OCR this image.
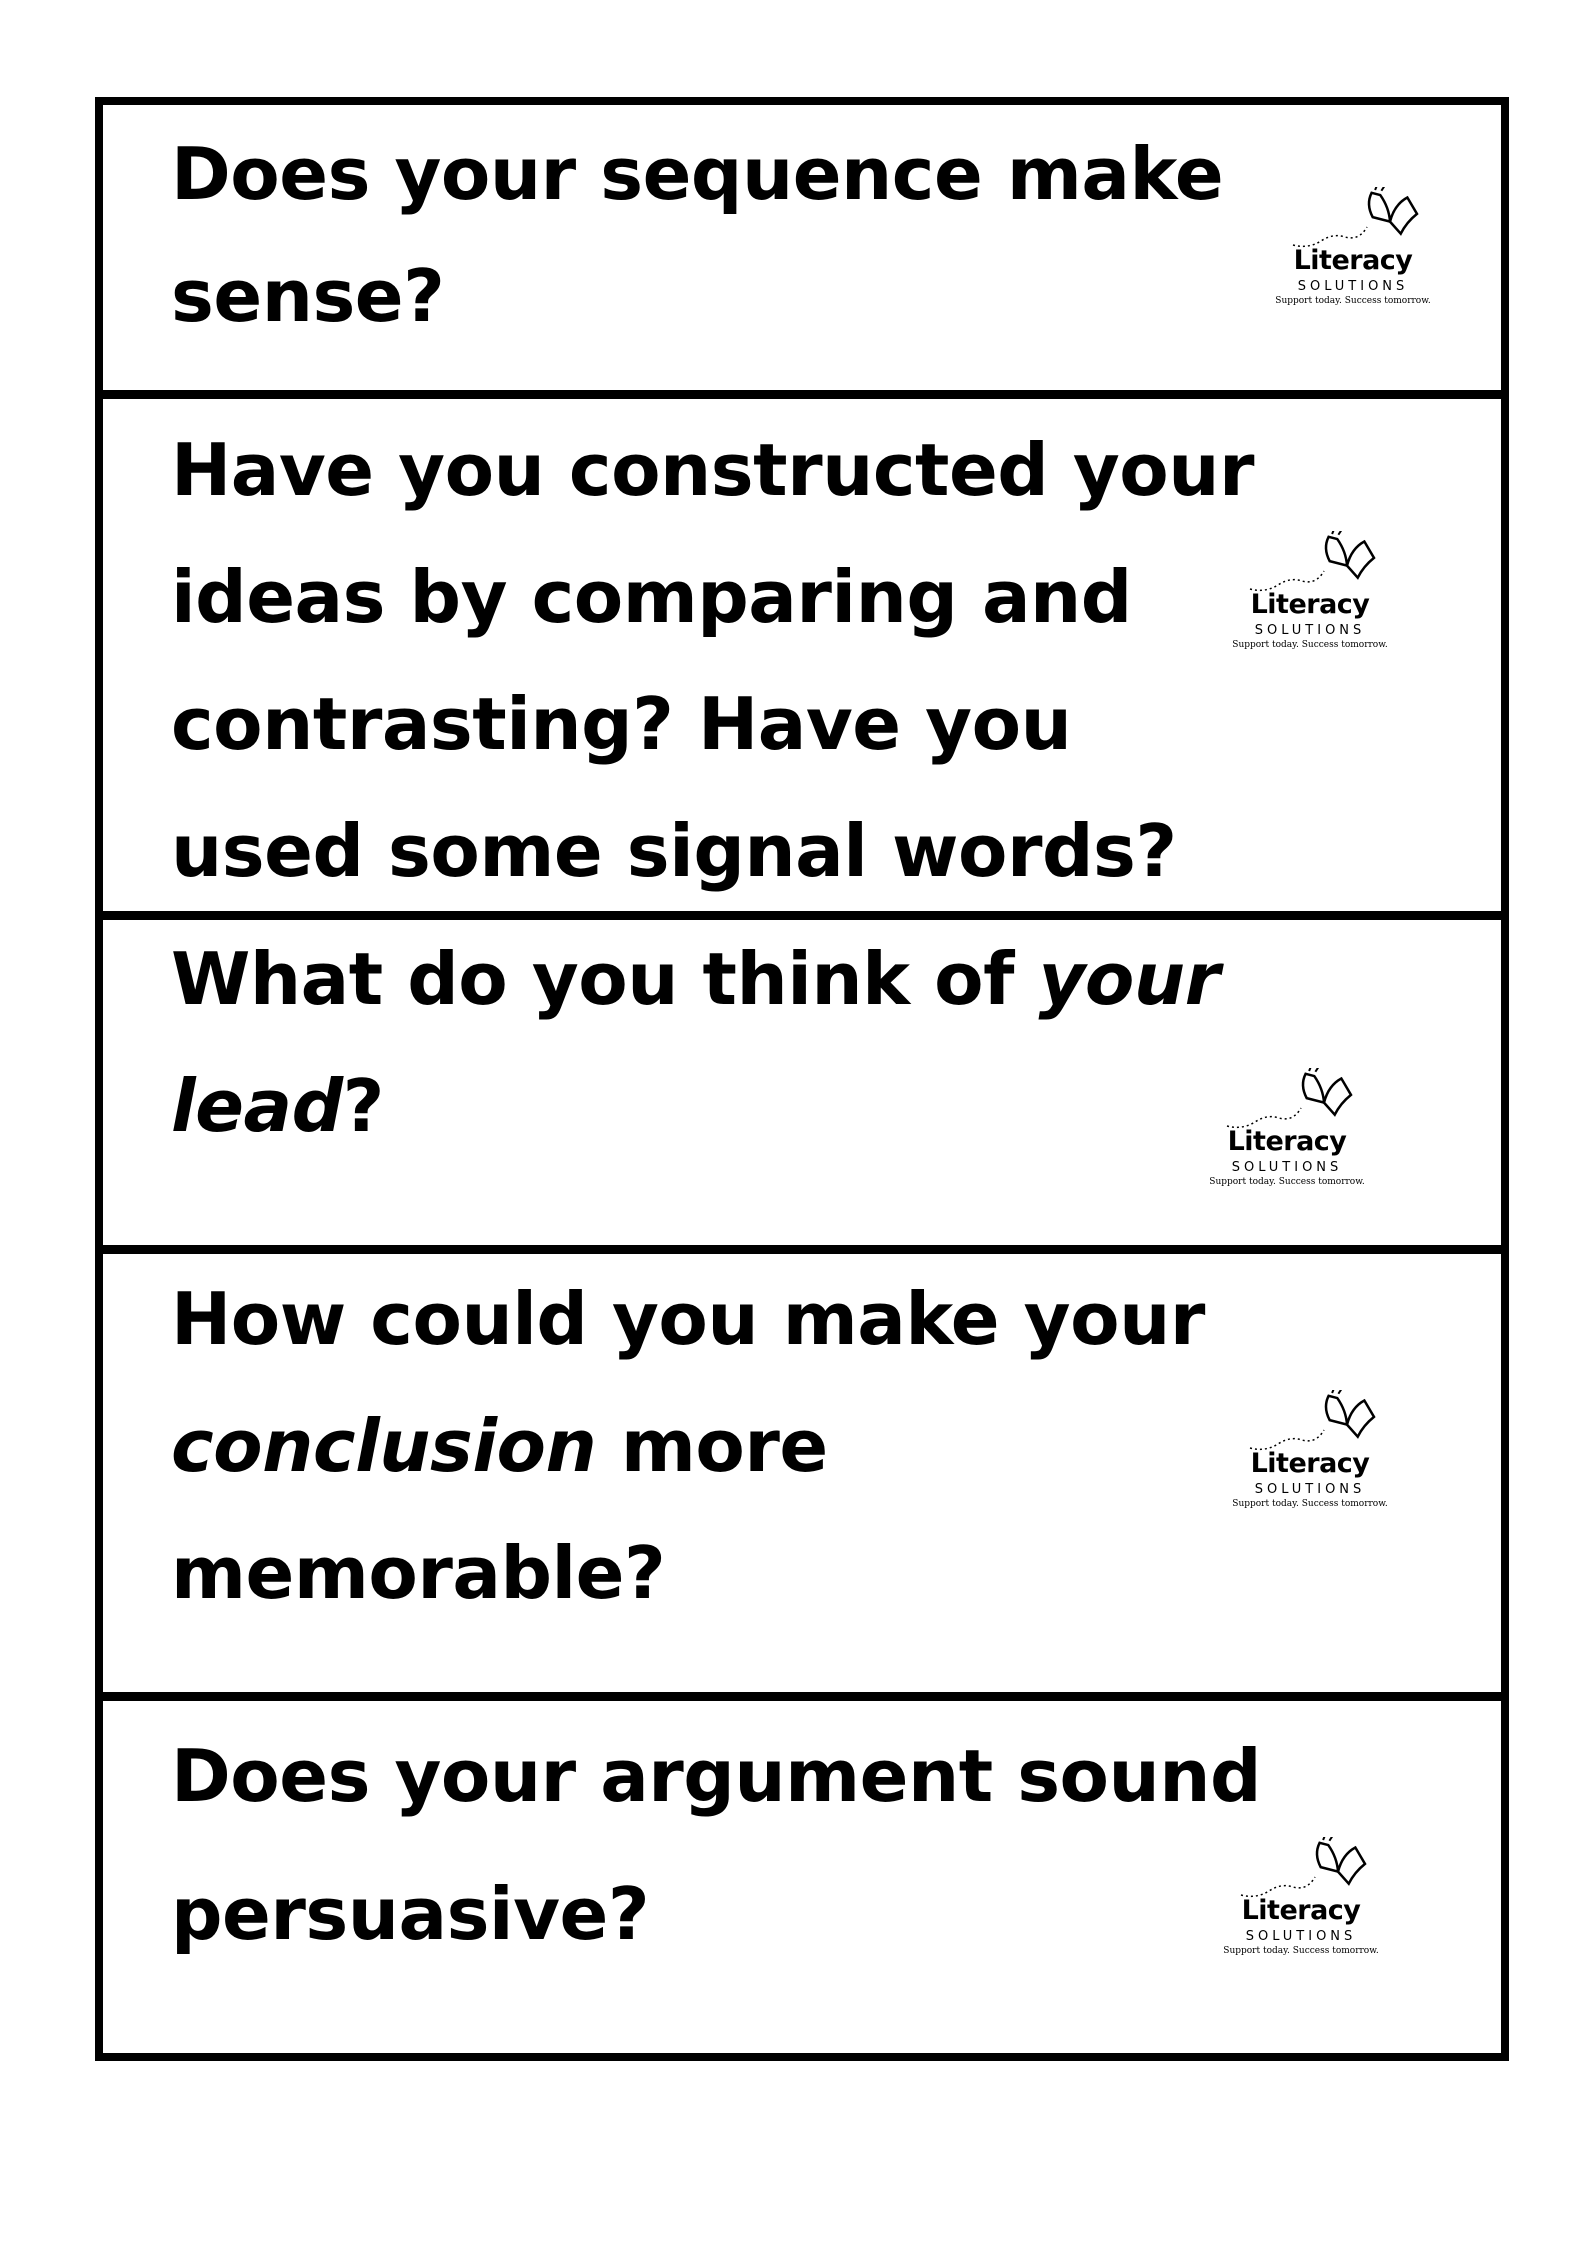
Does your sequence make
sense?	Literacy
SOLUTIONS
Support today. Success tomorrow.
Have you constructed your
ideas by comparing and
contrasting? Have you
used some signal words?
Literacy
SOLUTIONS
Support today. Success tomorrow.
What do you think of your
lead?	Literacy
SOLUTIONS
Support today. Success tomorrow.
How could you make your
conclusion more
memorable?
Literacy
SOLUTIONS
Support today. Success tomorrow.
Does your argument sound
persuasive?	Literacy
SOLUTIONS
Support today. Success tomorrow.
